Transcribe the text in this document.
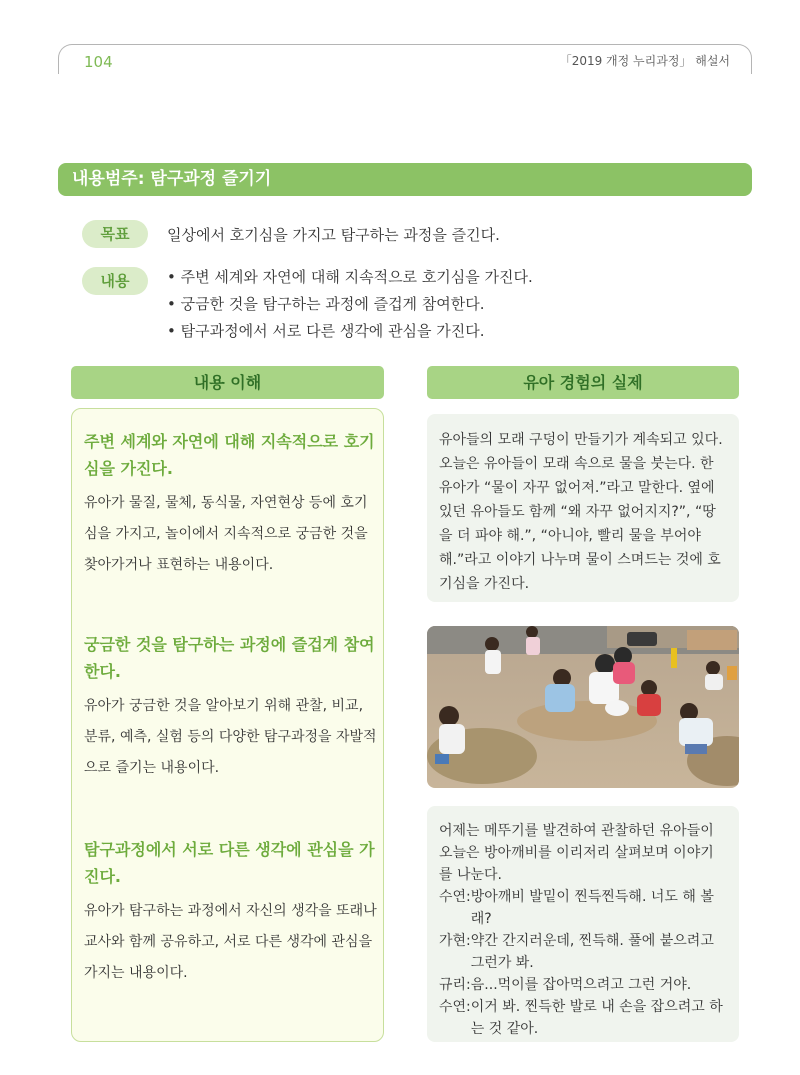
104	「2019 개정 누리과정」 해설서
내용범주: 탐구과정 즐기기
목표	일상에서 호기심을 가지고 탐구하는 과정을 즐긴다.
내용
•	주변 세계와 자연에 대해 지속적으로 호기심을 가진다.
• 궁금한 것을 탐구하는 과정에 즐겁게 참여한다.
• 탐구과정에서 서로 다른 생각에 관심을 가진다.
내용 이해	유아 경험의 실제

주변 세계와 자연에 대해 지속적으로 호기심을 가진다.

유아가 물질, 물체, 동식물, 자연현상 등에 호기심을 가지고, 놀이에서 지속적으로 궁금한 것을 찾아가거나 표현하는 내용이다.

궁금한 것을 탐구하는 과정에 즐겁게 참여한다.

유아가 궁금한 것을 알아보기 위해 관찰, 비교, 분류, 예측, 실험 등의 다양한 탐구과정을 자발적으로 즐기는 내용이다.

탐구과정에서 서로 다른 생각에 관심을 가진다.

유아가 탐구하는 과정에서 자신의 생각을 또래나 교사와 함께 공유하고, 서로 다른 생각에 관심을 가지는 내용이다.

유아들의 모래 구덩이 만들기가 계속되고 있다. 오늘은 유아들이 모래 속으로 물을 붓는다. 한 유아가 “물이 자꾸 없어져.”라고 말한다. 옆에 있던 유아들도 함께 “왜 자꾸 없어지지?”, “땅을 더 파야 해.”, “아니야, 빨리 물을 부어야 해.”라고 이야기 나누며 물이 스며드는 것에 호기심을 가진다.

어제는 메뚜기를 발견하여 관찰하던 유아들이 오늘은 방아깨비를 이리저리 살펴보며 이야기를 나눈다.

수연: 방아깨비 발밑이 찐득찐득해. 너도 해 볼래?
가현: 약간 간지러운데, 찐득해. 풀에 붙으려고 그런가 봐.
규리: 음...먹이를 잡아먹으려고 그런 거야.
수연: 이거 봐. 찐득한 발로 내 손을 잡으려고 하는 것 같아.
